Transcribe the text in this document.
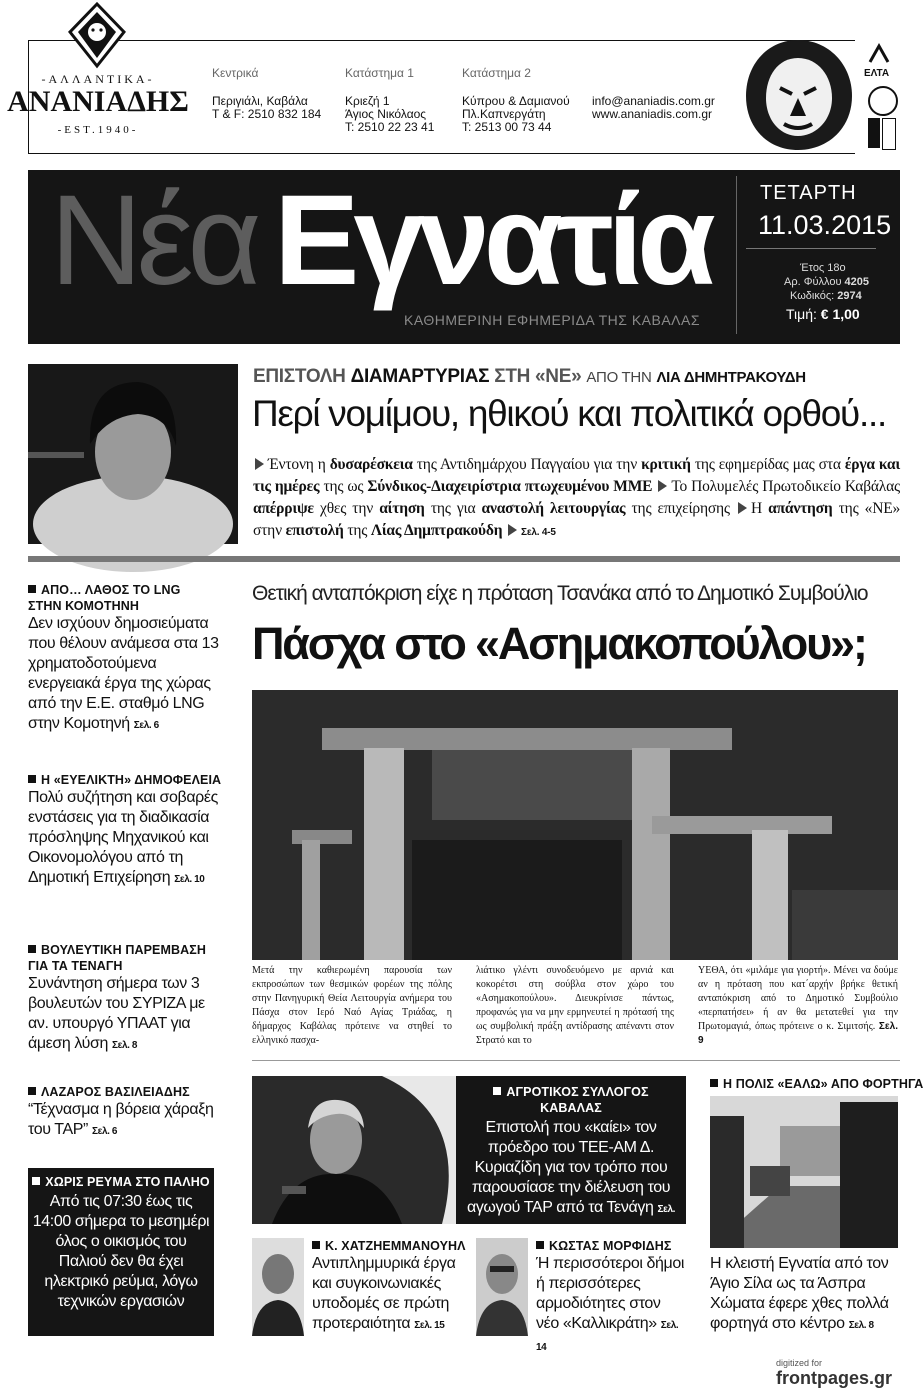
-ΑΛΛΑΝΤΙΚΑ-
ΑΝΑΝΙΑΔΗΣ
-EST.1940-
Κεντρικά
Περιγιάλι, Καβάλα
T & F: 2510 832 184
Κατάστημα 1
Κριεζή 1
Άγιος Νικόλαος
T: 2510 22 23 41
Κατάστημα 2
Κύπρου & Δαμιανού
Πλ.Καπνεργάτη
T: 2513 00 73 44
info@ananiadis.com.gr
www.ananiadis.com.gr
ΕΛΤΑ
Νέα Εγνατία
ΚΑΘΗΜΕΡΙΝΗ ΕΦΗΜΕΡΙΔΑ ΤΗΣ ΚΑΒΑΛΑΣ
ΤΕΤΑΡΤΗ
11.03.2015
Έτος 18ο
Αρ. Φύλλου 4205
Κωδικός: 2974
Τιμή: € 1,00
ΕΠΙΣΤΟΛΗ ΔΙΑΜΑΡΤΥΡΙΑΣ ΣΤΗ «ΝΕ» ΑΠΟ ΤΗΝ ΛΙΑ ΔΗΜΗΤΡΑΚΟΥΔΗ
Περί νομίμου, ηθικού και πολιτικά ορθού...
Έντονη η δυσαρέσκεια της Αντιδημάρχου Παγγαίου για την κριτική της εφημερίδας μας στα έργα και τις ημέρες της ως Σύνδικος-Διαχειρίστρια πτωχευμένου ΜΜΕ Το Πολυμελές Πρωτοδικείο Καβάλας απέρριψε χθες την αίτηση της για αναστολή λειτουργίας της επιχείρησης Η απάντηση της «ΝΕ» στην επιστολή της Λίας Δημπτρακούδη Σελ. 4-5
ΑΠΟ… ΛΑΘΟΣ ΤΟ LNG
ΣΤΗΝ ΚΟΜΟΤΗΝΗ
Δεν ισχύουν δημοσιεύματα που θέλουν ανάμεσα στα 13 χρηματοδοτούμενα ενεργειακά έργα της χώρας από την Ε.Ε. σταθμό LNG στην Κομοτηνή Σελ. 6
Η «ΕΥΕΛΙΚΤΗ» ΔΗΜΟΦΕΛΕΙΑ
Πολύ συζήτηση και σοβαρές ενστάσεις για τη διαδικασία πρόσληψης Μηχανικού και Οικονομολόγου από τη Δημοτική Επιχείρηση Σελ. 10
ΒΟΥΛΕΥΤΙΚΗ ΠΑΡΕΜΒΑΣΗ
ΓΙΑ ΤΑ ΤΕΝΑΓΗ
Συνάντηση σήμερα των 3 βουλευτών του ΣΥΡΙΖΑ με αν. υπουργό ΥΠΑΑΤ για άμεση λύση Σελ. 8
ΛΑΖΑΡΟΣ ΒΑΣΙΛΕΙΑΔΗΣ
“Τέχνασμα η βόρεια χάραξη του ΤΑΡ” Σελ. 6
ΧΩΡΙΣ ΡΕΥΜΑ ΣΤΟ ΠΑΛΗΟ
Από τις 07:30 έως τις 14:00 σήμερα το μεσημέρι όλος ο οικισμός του Παλιού δεν θα έχει ηλεκτρικό ρεύμα, λόγω τεχνικών εργασιών
Θετική ανταπόκριση είχε η πρόταση Τσανάκα από το Δημοτικό Συμβούλιο
Πάσχα στο «Ασημακοπούλου»;
Μετά την καθιερωμένη παρουσία των εκπροσώπων των θεσμικών φορέων της πόλης στην Πανηγυρική Θεία Λειτουργία ανήμερα του Πάσχα στον Ιερό Ναό Αγίας Τριάδας, η δήμαρχος Καβάλας πρότεινε να στηθεί το ελληνικό πασχα-
λιάτικο γλέντι συνοδευόμενο με αρνιά και κοκορέτσι στη σούβλα στον χώρο του «Ασημακοπούλου». Διευκρίνισε πάντως, προφανώς για να μην ερμηνευτεί η πρότασή της ως συμβολική πράξη αντίδρασης απέναντι στον Στρατό και το
ΥΕΘΑ, ότι «μιλάμε για γιορτή». Μένει να δούμε αν η πρόταση που κατ΄αρχήν βρήκε θετική ανταπόκριση από το Δημοτικό Συμβούλιο «περπατήσει» ή αν θα μετατεθεί για την Πρωτομαγιά, όπως πρότεινε ο κ. Σιμιτσής. Σελ. 9
ΑΓΡΟΤΙΚΟΣ ΣΥΛΛΟΓΟΣ ΚΑΒΑΛΑΣ
Επιστολή που «καίει» τον πρόεδρο του ΤΕΕ-ΑΜ Δ. Κυριαζίδη για τον τρόπο που παρουσίασε την διέλευση του αγωγού ΤΑΡ από τα Τενάγη Σελ. 13
Κ. ΧΑΤΖΗΕΜΜΑΝΟΥΗΛ
Αντιπλημμυρικά έργα και συγκοινωνιακές υποδομές σε πρώτη προτεραιότητα Σελ. 15
ΚΩΣΤΑΣ ΜΟΡΦΙΔΗΣ
Ή περισσότεροι δήμοι ή περισσότερες αρμοδιότητες στον νέο «Καλλικράτη» Σελ. 14
Η ΠΟΛΙΣ «ΕΑΛΩ» ΑΠΟ ΦΟΡΤΗΓΑ
Η κλειστή Εγνατία από τον Άγιο Σίλα ως τα Άσπρα Χώματα έφερε χθες πολλά φορτηγά στο κέντρο Σελ. 8
digitized for
frontpages.gr
